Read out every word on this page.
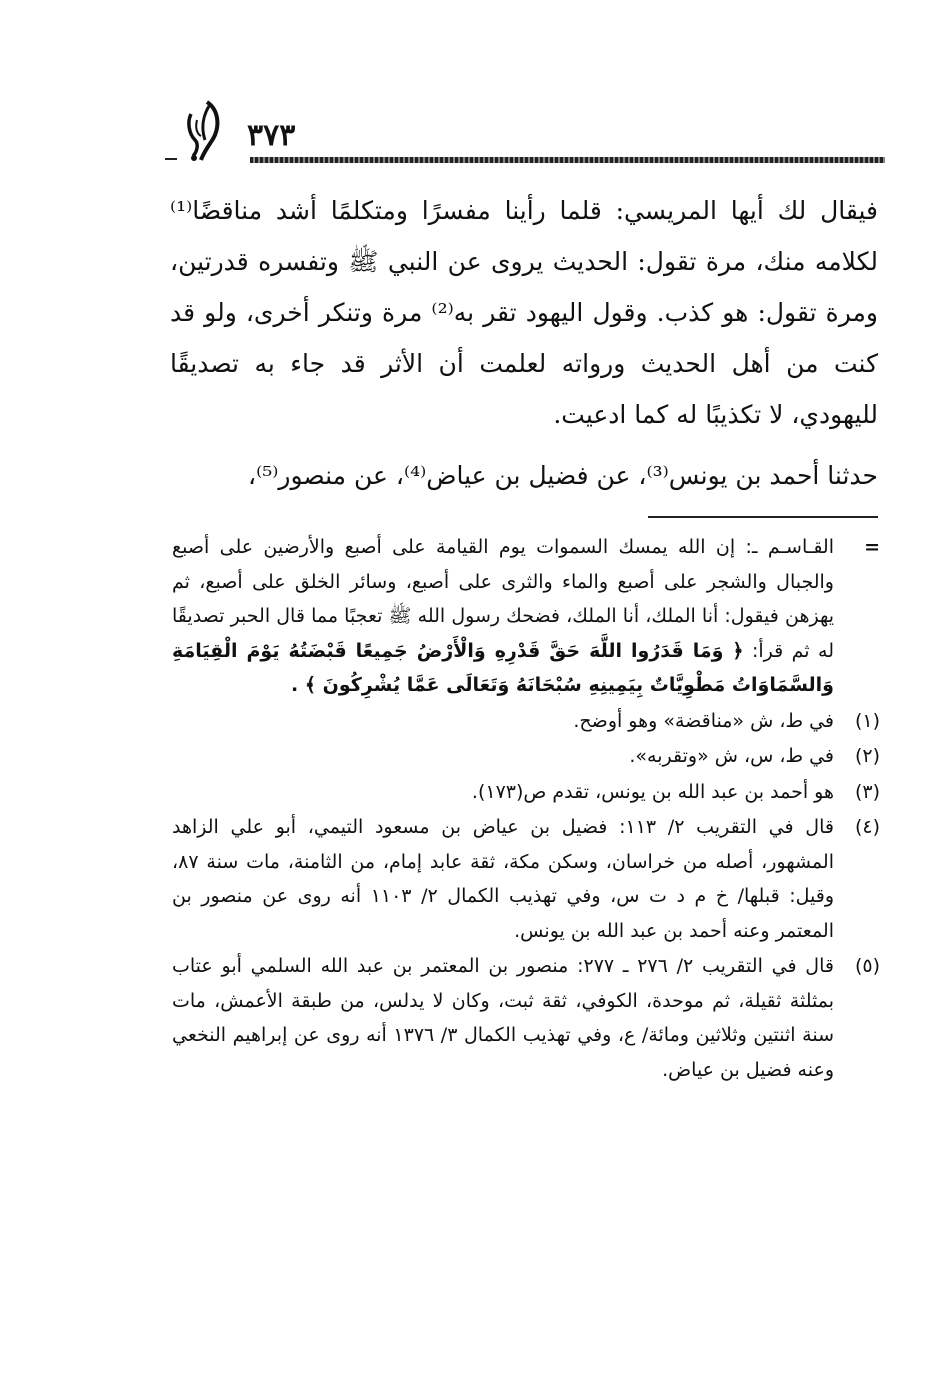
٣٧٣

فيقال لك أيها المريسي: قلما رأينا مفسرًا ومتكلمًا أشد مناقضًا⁽¹⁾ لكلامه منك، مرة تقول: الحديث يروى عن النبي ﷺ وتفسره قدرتين، ومرة تقول: هو كذب. وقول اليهود تقر به⁽²⁾ مرة وتنكر أخرى، ولو قد كنت من أهل الحديث ورواته لعلمت أن الأثر قد جاء به تصديقًا لليهودي، لا تكذيبًا له كما ادعيت.

حدثنا أحمد بن يونس⁽³⁾، عن فضيل بن عياض⁽⁴⁾، عن منصور⁽⁵⁾،

=
القـاسـم ـ: إن الله يمسك السموات يوم القيامة على أصبع والأرضين على أصبع والجبال والشجر على أصبع والماء والثرى على أصبع، وسائر الخلق على أصبع، ثم يهزهن فيقول: أنا الملك، أنا الملك، فضحك رسول الله ﷺ تعجبًا مما قال الحبر تصديقًا له ثم قرأ: ﴿ وَمَا قَدَرُوا اللَّهَ حَقَّ قَدْرِهِ وَالْأَرْضُ جَمِيعًا قَبْضَتُهُ يَوْمَ الْقِيَامَةِ وَالسَّمَاوَاتُ مَطْوِيَّاتٌ بِيَمِينِهِ سُبْحَانَهُ وَتَعَالَى عَمَّا يُشْرِكُونَ ﴾ .
(١)
في ط، ش «مناقضة» وهو أوضح.
(٢)
في ط، س، ش «وتقربه».
(٣)
هو أحمد بن عبد الله بن يونس، تقدم ص(١٧٣).
(٤)
قال في التقريب ٢/ ١١٣: فضيل بن عياض بن مسعود التيمي، أبو علي الزاهد المشهور، أصله من خراسان، وسكن مكة، ثقة عابد إمام، من الثامنة، مات سنة ٨٧، وقيل: قبلها/ خ م د ت س، وفي تهذيب الكمال ٢/ ١١٠٣ أنه روى عن منصور بن المعتمر وعنه أحمد بن عبد الله بن يونس.
(٥)
قال في التقريب ٢/ ٢٧٦ ـ ٢٧٧: منصور بن المعتمر بن عبد الله السلمي أبو عتاب بمثلثة ثقيلة، ثم موحدة، الكوفي، ثقة ثبت، وكان لا يدلس، من طبقة الأعمش، مات سنة اثنتين وثلاثين ومائة/ ع، وفي تهذيب الكمال ٣/ ١٣٧٦ أنه روى عن إبراهيم النخعي وعنه فضيل بن عياض.
